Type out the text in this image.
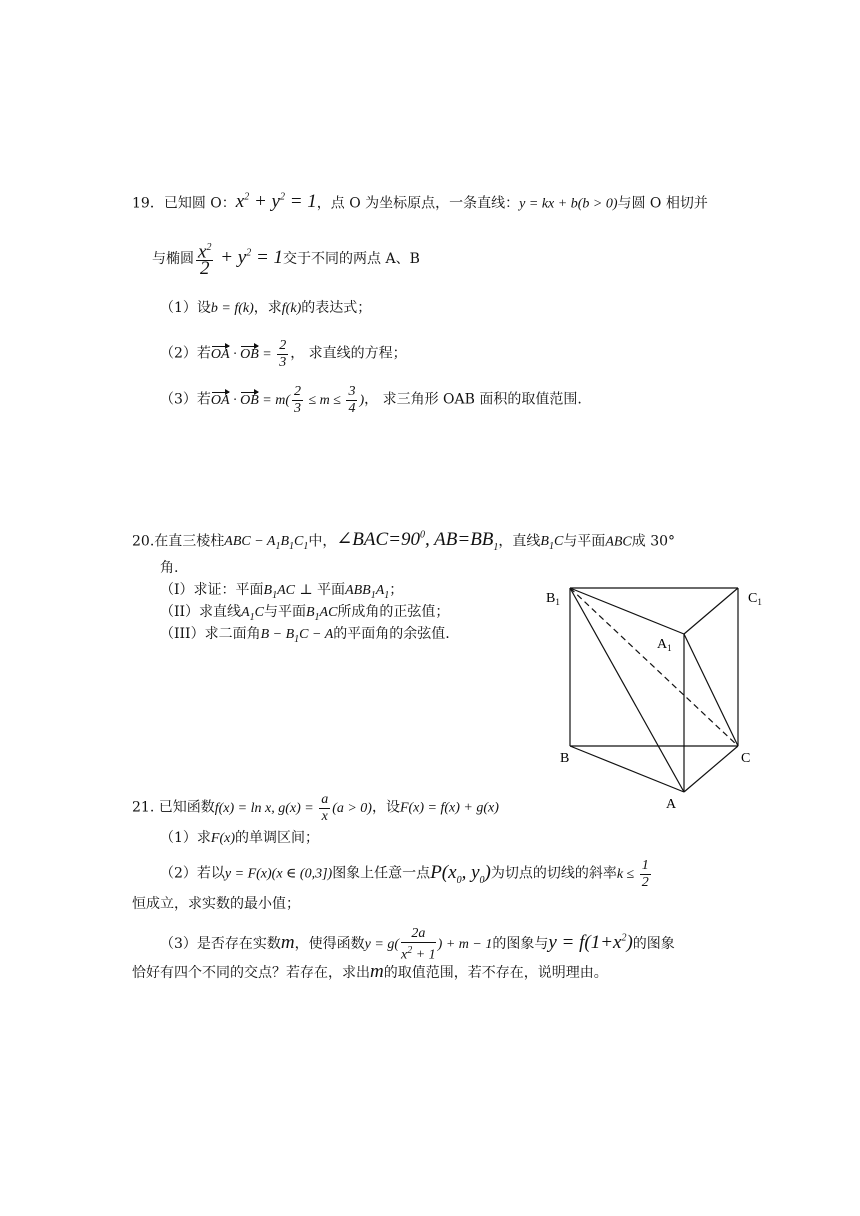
19．已知圆 O：$x^2 + y^2 = 1$，点 O 为坐标原点，一条直线：y = kx + b(b > 0)与圆 O 相切并
与椭圆 $\frac{x^2}{2} + y^2 = 1$交于不同的两点 A、B
（1）设b = f(k)，求f(k)的表达式；
（2）若OA · OB = $\frac{2}{3}$ ， 求直线的方程；
（3）若OA · OB = $m( \frac{2}{3} \le m \le \frac{3}{4}$ )， 求三角形 OAB 面积的取值范围.
20.在直三棱柱ABC − $A_1B_1C_1$中，$\angle BAC=90^0$, $AB=BB_1$，直线$B_1C$与平面ABC成 30°
角.
（I）求证：平面$B_1AC$ ⊥ 平面$ABB_1A_1$；
（II）求直线$A_1C$与平面$B_1AC$所成角的正弦值；
（III）求二面角$B - B_1C - A$的平面角的余弦值.
$B_1$	$C_1$
$A_1$
B	C
A
21. 已知函数f(x) = ln x, $g(x) = \frac{a}{x} (a > 0)$，设F(x) = f(x) + g(x)
（1）求F(x)的单调区间；
（2）若以y = F(x)(x ∈ (0,3])图象上任意一点$P(x_0$, $y_0$)为切点的切线的斜率$k \le \frac{1}{2}$
恒成立，求实数的最小值；
（3）是否存在实数m，使得函数$y = g( \frac{2a}{x^2 + 1}$ ) + m − 1的图象与$y = f(1+x^2)$的图象
恰好有四个不同的交点？若存在，求出m的取值范围，若不存在，说明理由。
